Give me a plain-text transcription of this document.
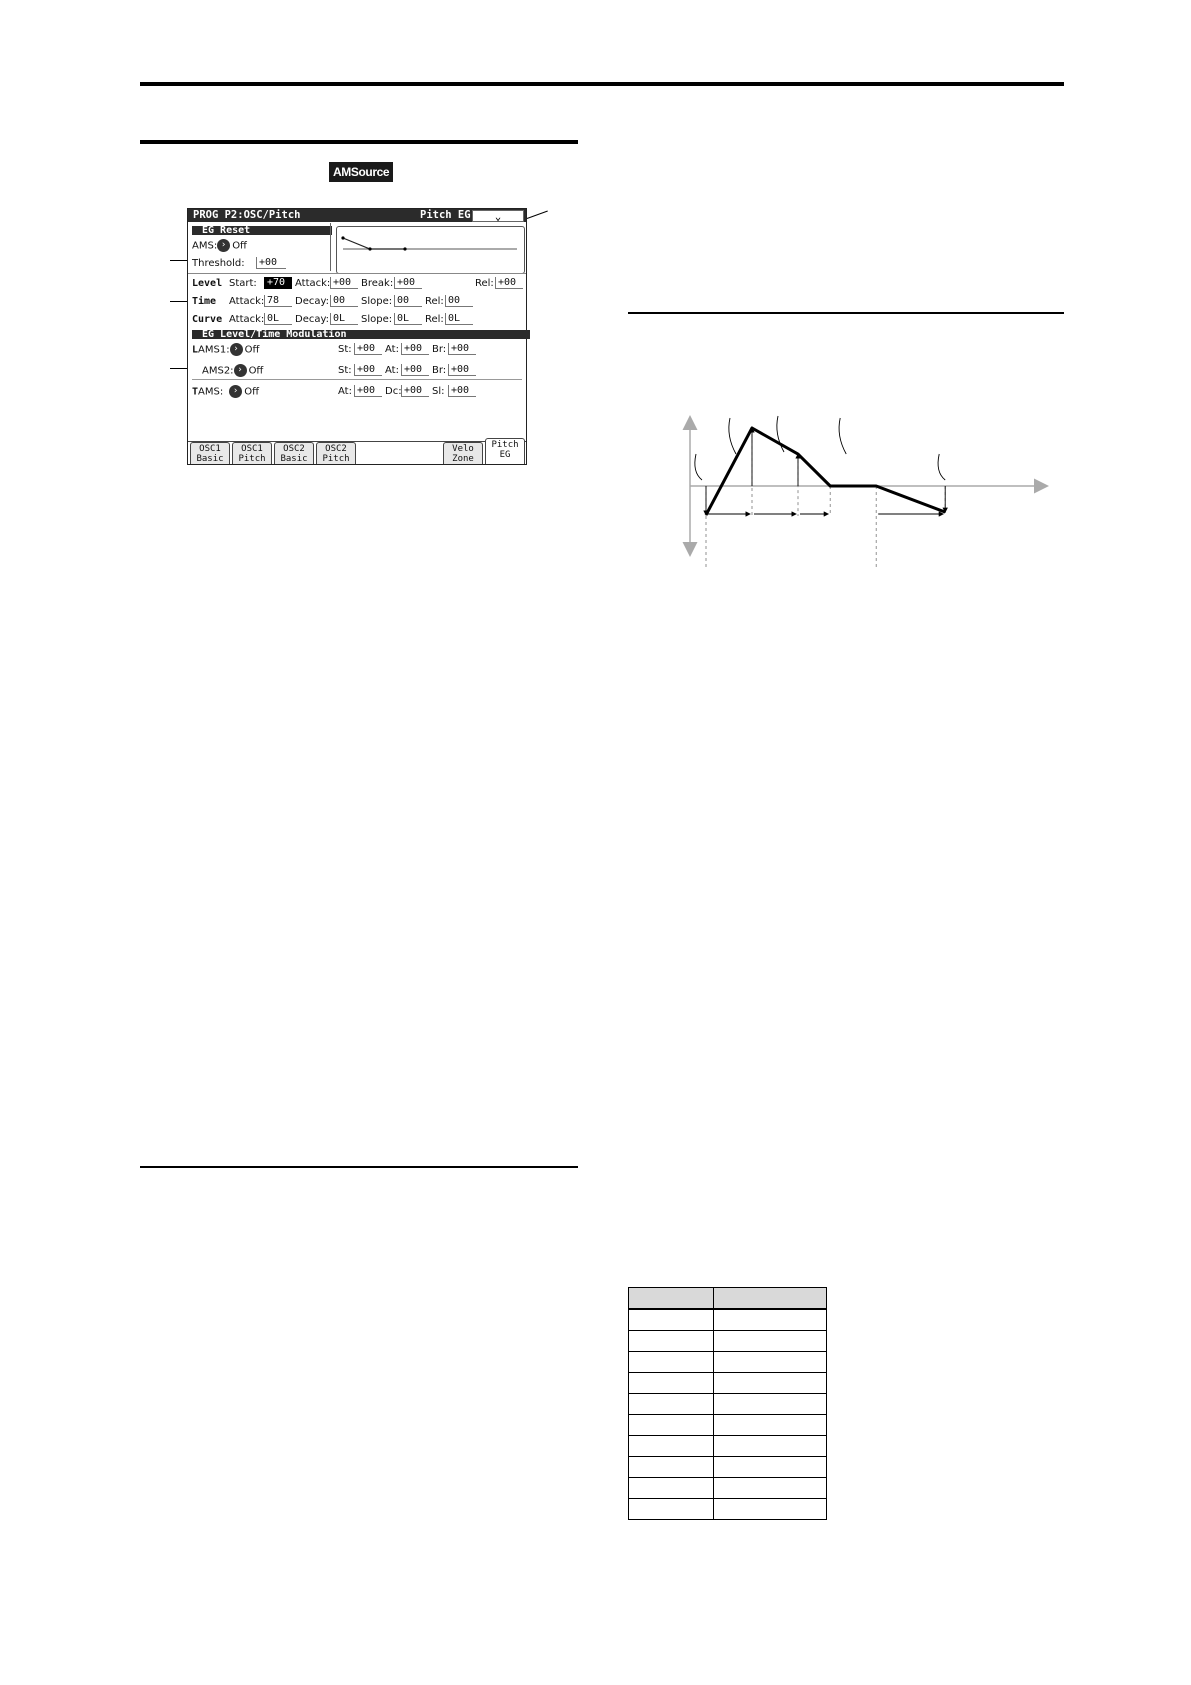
AMSource
PROG P2:OSC/Pitch	Pitch EG	⌄
EG Reset
AMS: › Off
Threshold:	+00
Level Start:	+70 Attack: +00 Break: +00	Rel: +00
Time Attack: 78	Decay: 00	Slope: 00	Rel: 00
Curve Attack: 0L	Decay: 0L	Slope: 0L	Rel: 0L
EG Level/Time Modulation
LAMS1: › Off	St: +00 At: +00 Br: +00
AMS2: › Off	St: +00 At: +00 Br: +00
TAMS: › Off	At: +00 Dc: +00 Sl: +00
OSC1
Basic
OSC1
Pitch
OSC2
Basic
OSC2
Pitch
Velo
Zone
Pitch
EG
